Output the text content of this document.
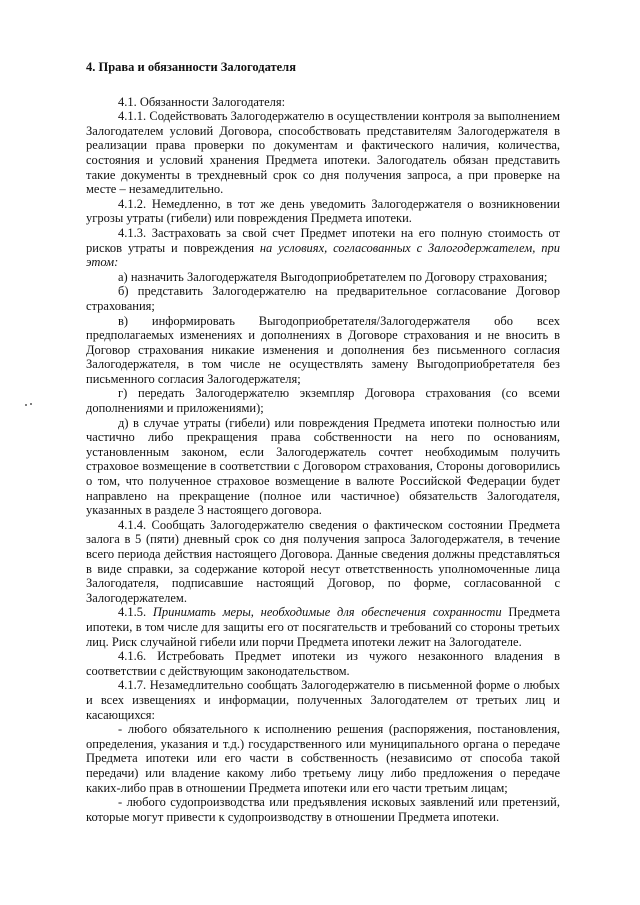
4. Права и обязанности Залогодателя

4.1. Обязанности Залогодателя:

4.1.1. Содействовать Залогодержателю в осуществлении контроля за выполнением Залогодателем условий Договора, способствовать представителям Залогодержателя в реализации права проверки по документам и фактического наличия, количества, состояния и условий хранения Предмета ипотеки. Залогодатель обязан представить такие документы в трехдневный срок со дня получения запроса, а при проверке на месте – незамедлительно.

4.1.2. Немедленно, в тот же день уведомить Залогодержателя о возникновении угрозы утраты (гибели) или повреждения Предмета ипотеки.

4.1.3. Застраховать за свой счет Предмет ипотеки на его полную стоимость от рисков утраты и повреждения на условиях, согласованных с Залогодержателем, при этом:

а) назначить Залогодержателя Выгодоприобретателем по Договору страхования;

б) представить Залогодержателю на предварительное согласование Договор страхования;

в) информировать Выгодоприобретателя/Залогодержателя обо всех предполагаемых изменениях и дополнениях в Договоре страхования и не вносить в Договор страхования никакие изменения и дополнения без письменного согласия Залогодержателя, в том числе не осуществлять замену Выгодоприобретателя без письменного согласия Залогодержателя;

г) передать Залогодержателю экземпляр Договора страхования (со всеми дополнениями и приложениями);

д) в случае утраты (гибели) или повреждения Предмета ипотеки полностью или частично либо прекращения права собственности на него по основаниям, установленным законом, если Залогодержатель сочтет необходимым получить страховое возмещение в соответствии с Договором страхования, Стороны договорились о том, что полученное страховое возмещение в валюте Российской Федерации будет направлено на прекращение (полное или частичное) обязательств Залогодателя, указанных в разделе 3 настоящего договора.

4.1.4. Сообщать Залогодержателю сведения о фактическом состоянии Предмета залога в 5 (пяти) дневный срок со дня получения запроса Залогодержателя, в течение всего периода действия настоящего Договора. Данные сведения должны представляться в виде справки, за содержание которой несут ответственность уполномоченные лица Залогодателя, подписавшие настоящий Договор, по форме, согласованной с Залогодержателем.

4.1.5. Принимать меры, необходимые для обеспечения сохранности Предмета ипотеки, в том числе для защиты его от посягательств и требований со стороны третьих лиц. Риск случайной гибели или порчи Предмета ипотеки лежит на Залогодателе.

4.1.6. Истребовать Предмет ипотеки из чужого незаконного владения в соответствии с действующим законодательством.

4.1.7. Незамедлительно сообщать Залогодержателю в письменной форме о любых и всех извещениях и информации, полученных Залогодателем от третьих лиц и касающихся:

- любого обязательного к исполнению решения (распоряжения, постановления, определения, указания и т.д.) государственного или муниципального органа о передаче Предмета ипотеки или его части в собственность (независимо от способа такой передачи) или владение какому либо третьему лицу либо предложения о передаче каких-либо прав в отношении Предмета ипотеки или его части третьим лицам;

- любого судопроизводства или предъявления исковых заявлений или претензий, которые могут привести к судопроизводству в отношении Предмета ипотеки.
